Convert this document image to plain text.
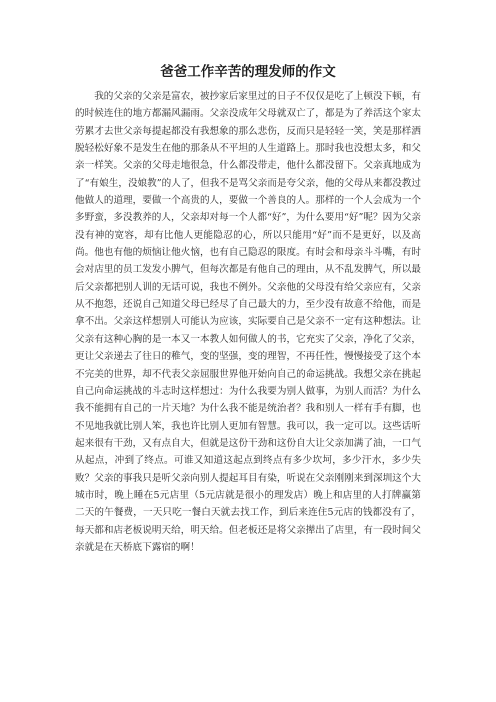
爸爸工作辛苦的理发师的作文

我的父亲的父亲是富农，被抄家后家里过的日子不仅仅是吃了上顿没下顿，有的时候连住的地方都漏风漏雨。父亲没成年父母就双亡了，都是为了养活这个家太劳累才去世父亲每提起都没有我想象的那么悲伤，反而只是轻轻一笑，笑是那样洒脱轻松好象不是发生在他的那条从不平坦的人生道路上。那时我也没想太多，和父亲一样笑。父亲的父母走地很急，什么都没带走，他什么都没留下。父亲真地成为了“有娘生，没娘教”的人了，但我不是骂父亲而是夸父亲，他的父母从来都没教过他做人的道理，要做一个高贵的人，要做一个善良的人。那样的一个人会成为一个多野蛮，多没教养的人，父亲却对每一个人都“好”，为什么要用“好”呢？因为父亲没有神的宽容，却有比他人更能隐忍的心，所以只能用“好”而不是更好，以及高尚。他也有他的烦恼让他火恼，也有自己隐忍的限度。有时会和母亲斗斗嘴，有时会对店里的员工发发小脾气，但每次都是有他自己的理由，从不乱发脾气，所以最后父亲都把别人训的无话可说，我也不例外。父亲他的父母没有给父亲应有，父亲从不抱怨，还说自己知道父母已经尽了自己最大的力，至少没有故意不给他，而是拿不出。父亲这样想别人可能认为应该，实际要自己是父亲不一定有这种想法。让父亲有这种心胸的是一本又一本教人如何做人的书，它充实了父亲，净化了父亲，更让父亲递去了往日的稚气，变的坚强，变的理智，不再任性，慢慢接受了这个本不完美的世界，却不代表父亲屈服世界他开始向自己的命运挑战。我想父亲在挑起自己向命运挑战的斗志时这样想过：为什么我要为别人做事，为别人而活？为什么我不能拥有自己的一片天地？为什么我不能是统治者？我和别人一样有手有脚，也不见地我就比别人笨，我也许比别人更加有智慧。我可以，我一定可以。这些话听起来很有干劲，又有点自大，但就是这份干劲和这份自大让父亲加满了油，一口气从起点，冲到了终点。可谁又知道这起点到终点有多少坎坷，多少汗水，多少失败？父亲的事我只是听父亲向别人提起耳目有染，听说在父亲刚刚来到深圳这个大城市时，晚上睡在5元店里（5元店就是很小的理发店）晚上和店里的人打牌赢第二天的午餐费，一天只吃一餐白天就去找工作，到后来连住5元店的钱都没有了，每天都和店老板说明天给，明天给。但老板还是将父亲撵出了店里，有一段时间父亲就是在天桥底下露宿的啊！
